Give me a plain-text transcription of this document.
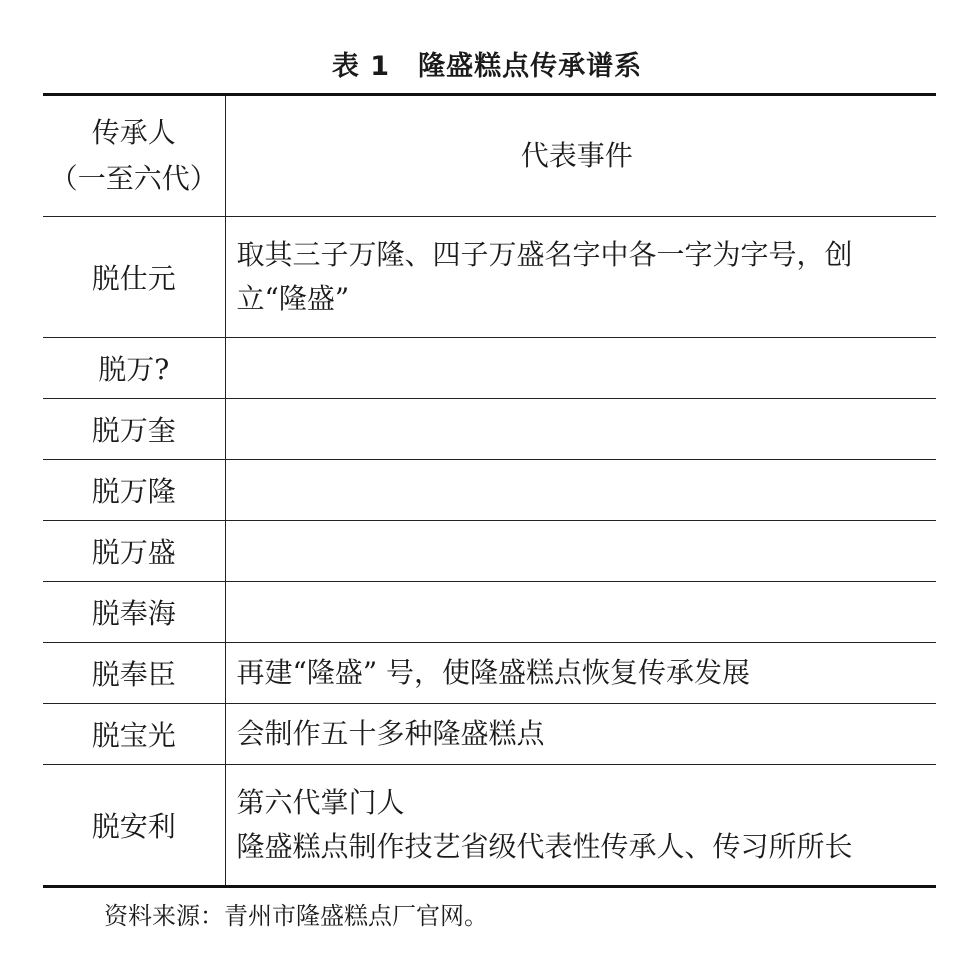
表 1 隆盛糕点传承谱系
传承人
（一至六代）	代表事件
脱仕元	取其三子万隆、四子万盛名字中各一字为字号，创
立“隆盛”

脱万?	
脱万奎	
脱万隆	
脱万盛	
脱奉海	
脱奉臣	再建“隆盛” 号，使隆盛糕点恢复传承发展

脱宝光	会制作五十多种隆盛糕点

脱安利	第六代掌门人
隆盛糕点制作技艺省级代表性传承人、传习所所长
资料来源：青州市隆盛糕点厂官网。
